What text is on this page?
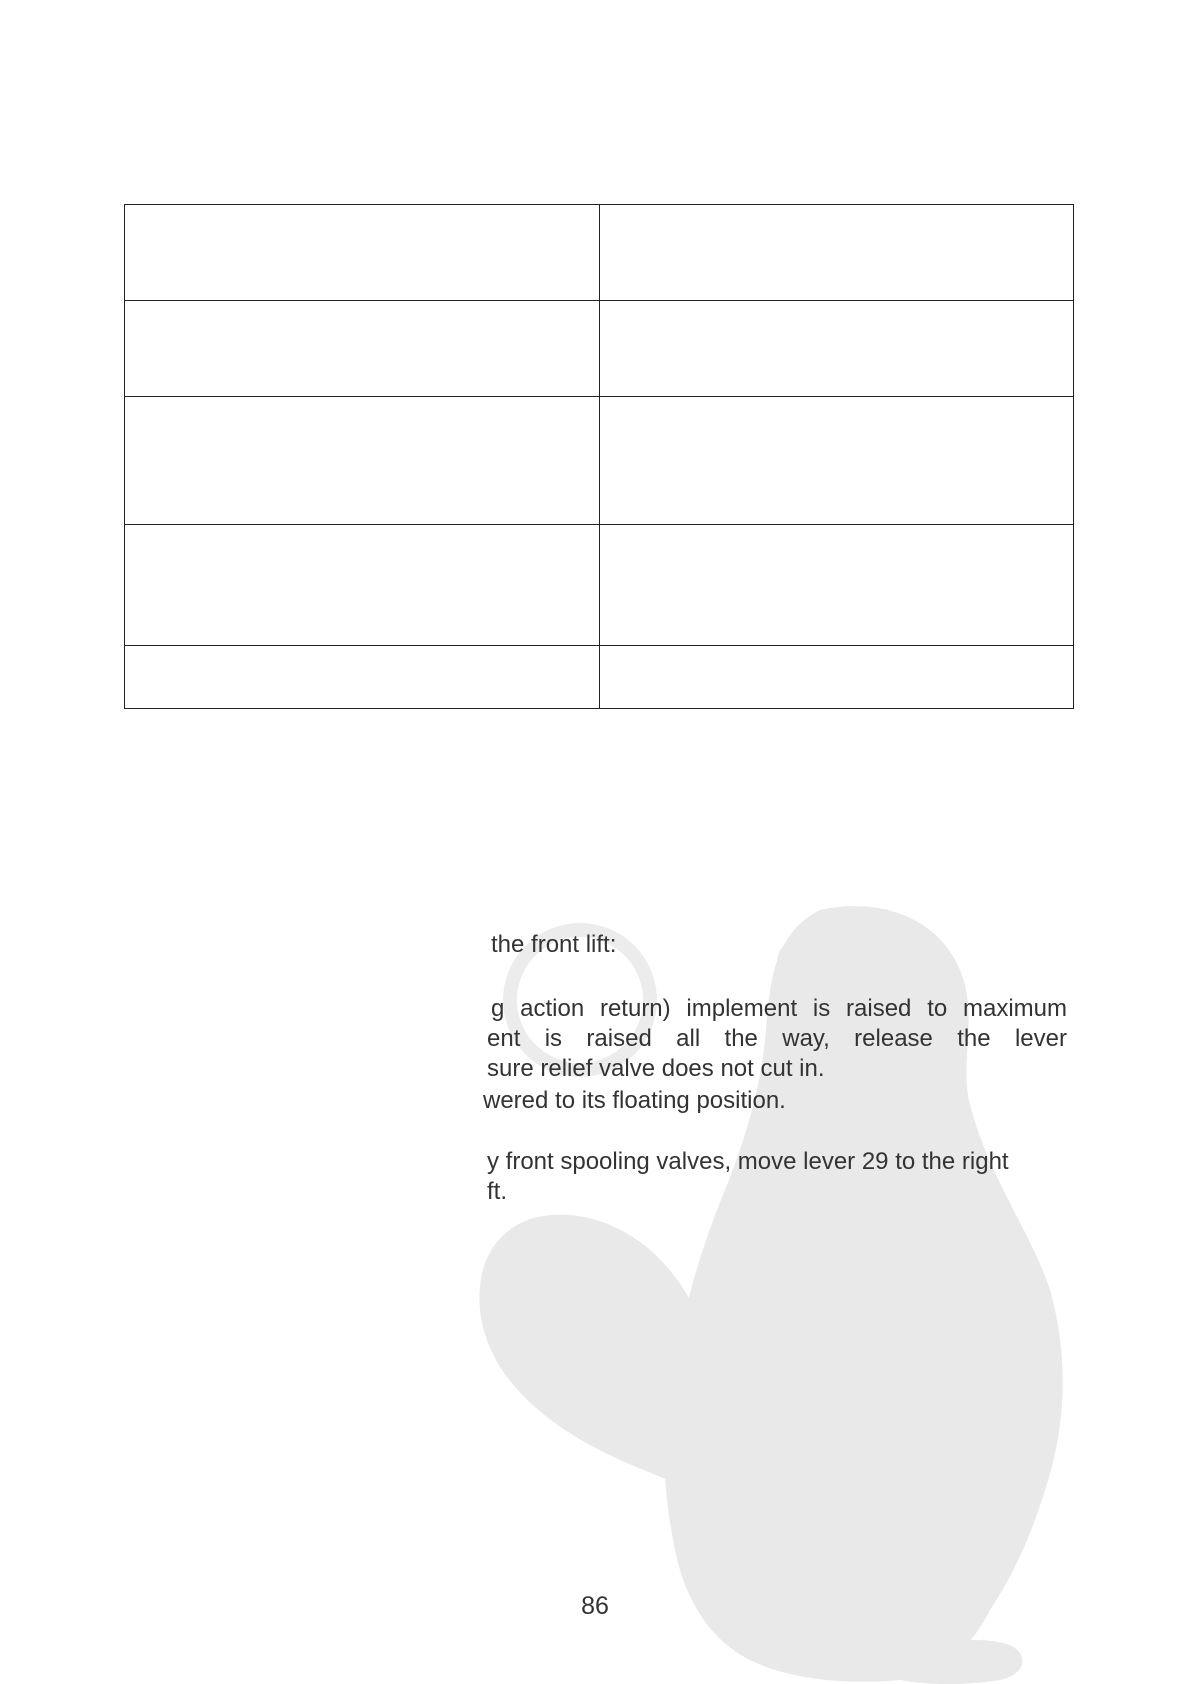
the front lift:
g action return) implement is raised to maximum
ent is raised all the way, release the lever
sure relief valve does not cut in.
wered to its floating position.
y front spooling valves, move lever 29 to the right
ft.
86
